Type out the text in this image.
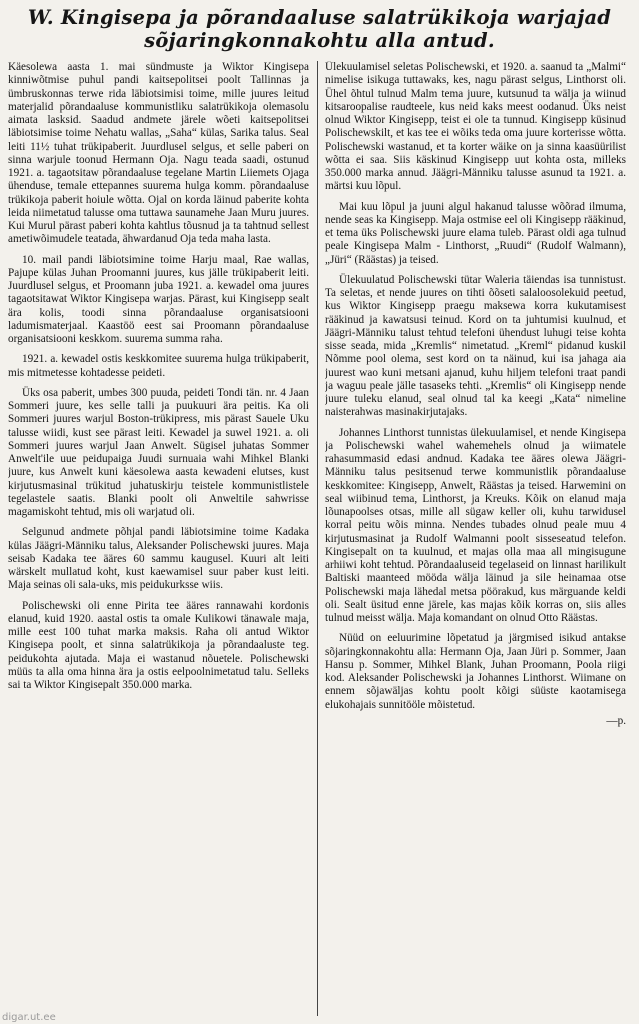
W. Kingisepa ja põrandaaluse salatrükikoja warjajad sõjaringkonnakohtu alla antud.

Käesolewa aasta 1. mai sündmuste ja Wiktor Kingisepa kinniwõtmise puhul pandi kaitsepolitsei poolt Tallinnas ja ümbruskonnas terwe rida läbiotsimisi toime, mille juures leitud materjalid põrandaaluse kommunistliku salatrükikoja olemasolu aimata lasksid. Saadud andmete järele wõeti kaitsepolitsei läbiotsimise toime Nehatu wallas, „Saha“ külas, Sarika talus. Seal leiti 11½ tuhat trükipaberit. Juurdlusel selgus, et selle paberi on sinna warjule toonud Hermann Oja. Nagu teada saadi, ostunud 1921. a. tagaotsitaw põrandaaluse tegelane Martin Liiemets Ojaga ühenduse, temale ettepannes suurema hulga komm. põrandaaluse trükikoja paberit hoiule wõtta. Ojal on korda läinud paberite kohta leida niimetatud talusse oma tuttawa saunamehe Jaan Muru juures. Kui Murul pärast paberi kohta kahtlus tõusnud ja ta tahtnud sellest ametiwõimudele teatada, ähwardanud Oja teda maha lasta.

10. mail pandi läbiotsimine toime Harju maal, Rae wallas, Pajupe külas Juhan Proomanni juures, kus jälle trükipaberit leiti. Juurdlusel selgus, et Proomann juba 1921. a. kewadel oma juures tagaotsitawat Wiktor Kingisepa warjas. Pärast, kui Kingisepp sealt ära kolis, toodi sinna põrandaaluse organisatsiooni ladumismaterjaal. Kaastöö eest sai Proomann põrandaaluse organisatsiooni keskkom. suurema summa raha.

1921. a. kewadel ostis keskkomitee suurema hulga trükipaberit, mis mitmetesse kohtadesse peideti.

Üks osa paberit, umbes 300 puuda, peideti Tondi tän. nr. 4 Jaan Sommeri juure, kes selle talli ja puukuuri ära peitis. Ka oli Sommeri juures warjul Boston-trükipress, mis pärast Sauele Uku talusse wiidi, kust see pärast leiti. Kewadel ja suwel 1921. a. oli Sommeri juures warjul Jaan Anwelt. Sügisel juhatas Sommer Anwelt'ile uue peidupaiga Juudi surnuaia wahi Mihkel Blanki juure, kus Anwelt kuni käesolewa aasta kewadeni elutses, kust kirjutusmasinal trükitud juhatuskirju teistele kommunistlistele tegelastele saatis. Blanki poolt oli Anweltile sahwrisse magamiskoht tehtud, mis oli warjatud oli.

Selgunud andmete põhjal pandi läbiotsimine toime Kadaka külas Jäägri-Männiku talus, Aleksander Polischewski juures. Maja seisab Kadaka tee ääres 60 sammu kaugusel. Kuuri alt leiti wärskelt mullatud koht, kust kaewamisel suur paber kust leiti. Maja seinas oli sala-uks, mis peidukurksse wiis.

Polischewski oli enne Pirita tee ääres rannawahi kordonis elanud, kuid 1920. aastal ostis ta omale Kulikowi tänawale maja, mille eest 100 tuhat marka maksis. Raha oli antud Wiktor Kingisepa poolt, et sinna salatrükikoja ja põrandaaluste teg. peidukohta ajutada. Maja ei wastanud nõuetele. Polischewski müüs ta alla oma hinna ära ja ostis eelpoolnimetatud talu. Selleks sai ta Wiktor Kingisepalt 350.000 marka.

Ülekuulamisel seletas Polischewski, et 1920. a. saanud ta „Malmi“ nimelise isikuga tuttawaks, kes, nagu pärast selgus, Linthorst oli. Ühel õhtul tulnud Malm tema juure, kutsunud ta wälja ja wiinud kitsaroopalise raudteele, kus neid kaks meest oodanud. Üks neist olnud Wiktor Kingisepp, teist ei ole ta tunnud. Kingisepp küsinud Polischewskilt, et kas tee ei wõiks teda oma juure korterisse wõtta. Polischewski wastanud, et ta korter wäike on ja sinna kaasüürilist wõtta ei saa. Siis käskinud Kingisepp uut kohta osta, milleks 350.000 marka annud. Jäägri-Männiku talusse asunud ta 1921. a. märtsi kuu lõpul.

Mai kuu lõpul ja juuni algul hakanud talusse wõõrad ilmuma, nende seas ka Kingisepp. Maja ostmise eel oli Kingisepp rääkinud, et tema üks Polischewski juure elama tuleb. Pärast oldi aga tulnud peale Kingisepa Malm - Linthorst, „Ruudi“ (Rudolf Walmann), „Jüri“ (Räästas) ja teised.

Ülekuulatud Polischewski tütar Waleria täiendas isa tunnistust. Ta seletas, et nende juures on tihti õõseti salaloosolekuid peetud, kus Wiktor Kingisepp praegu maksewa korra kukutamisest rääkinud ja kawatsusi teinud. Kord on ta juhtumisi kuulnud, et Jäägri-Männiku talust tehtud telefoni ühendust luhugi teise kohta sisse seada, mida „Kremlis“ nimetatud. „Kreml“ pidanud kuskil Nõmme pool olema, sest kord on ta näinud, kui isa jahaga aia juurest wao kuni metsani ajanud, kuhu hiljem telefoni traat pandi ja waguu peale jälle tasaseks tehti. „Kremlis“ oli Kingisepp nende juure tuleku elanud, seal olnud tal ka keegi „Kata“ nimeline naisterahwas masinakirjutajaks.

Johannes Linthorst tunnistas ülekuulamisel, et nende Kingisepa ja Polischewski wahel wahemehels olnud ja wiimatele rahasummasid edasi andnud. Kadaka tee ääres olewa Jäägri-Männiku talus pesitsenud terwe kommunistlik põrandaaluse keskkomitee: Kingisepp, Anwelt, Räästas ja teised. Harwemini on seal wiibinud tema, Linthorst, ja Kreuks. Kõik on elanud maja lõunapoolses otsas, mille all sügaw keller oli, kuhu tarwidusel korral peitu wõis minna. Nendes tubades olnud peale muu 4 kirjutusmasinat ja Rudolf Walmanni poolt sisseseatud telefon. Kingisepalt on ta kuulnud, et majas olla maa all mingisugune arhiiwi koht tehtud. Põrandaaluseid tegelaseid on linnast harilikult Baltiski maanteed mööda wälja läinud ja sile heinamaa otse Polischewski maja lähedal metsa pöörakud, kus märguande keldi oli. Sealt üsitud enne järele, kas majas kõik korras on, siis alles tulnud meisst wälja. Maja komandant on olnud Otto Räästas.

Nüüd on eeluurimine lõpetatud ja järgmised isikud antakse sõjaringkonnakohtu alla: Hermann Oja, Jaan Jüri p. Sommer, Jaan Hansu p. Sommer, Mihkel Blank, Juhan Proomann, Poola riigi kod. Aleksander Polischewski ja Johannes Linthorst. Wiimane on ennem sõjawäljas kohtu poolt kõigi süüste kaotamisega elukohajais sunnitööle mõistetud.

—p.
digar.ut.ee
